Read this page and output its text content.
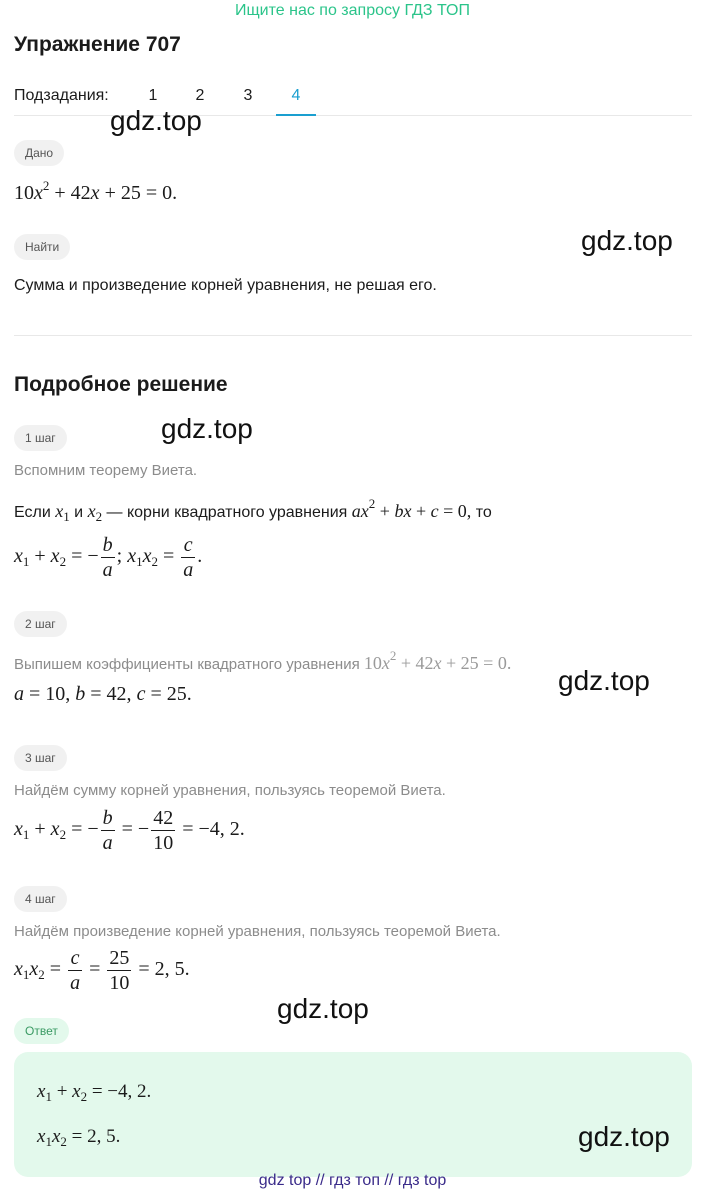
Ищите нас по запросу ГДЗ ТОП
Упражнение 707
Подзадания:	1	2	3	4
Дано
$10x^2 + 42x + 25 = 0$.
Найти
Сумма и произведение корней уравнения, не решая его.
Подробное решение
1 шаг
Вспомним теорему Виета.
Если $x_1$ и $x_2$ — корни квадратного уравнения $ax^2$ + bx + c = 0, то
$x_1 + x_2$ = − $\frac{b}{a}$ ; $x_1x_2 = \frac{c}{a}$ .
2 шаг
Выпишем коэффициенты квадратного уравнения $10x^2 + 42x + 25 = 0$.
a = 10, b = 42, c = 25.
3 шаг
Найдём сумму корней уравнения, пользуясь теоремой Виета.
$x_1 + x_2$ = − $\frac{b}{a}$ = − $\frac{42}{10} = -4$, 2.
4 шаг
Найдём произведение корней уравнения, пользуясь теоремой Виета.
$x_1x_2 = \frac{c}{a} = \frac{25}{10} = 2$, 5.
Ответ
$x_1 + x_2 = -4$, 2.
$x_1x_2 = 2$, 5.
gdz.top
gdz.top
gdz.top
gdz.top
gdz.top
gdz.top
gdz top // гдз топ // гдз top
